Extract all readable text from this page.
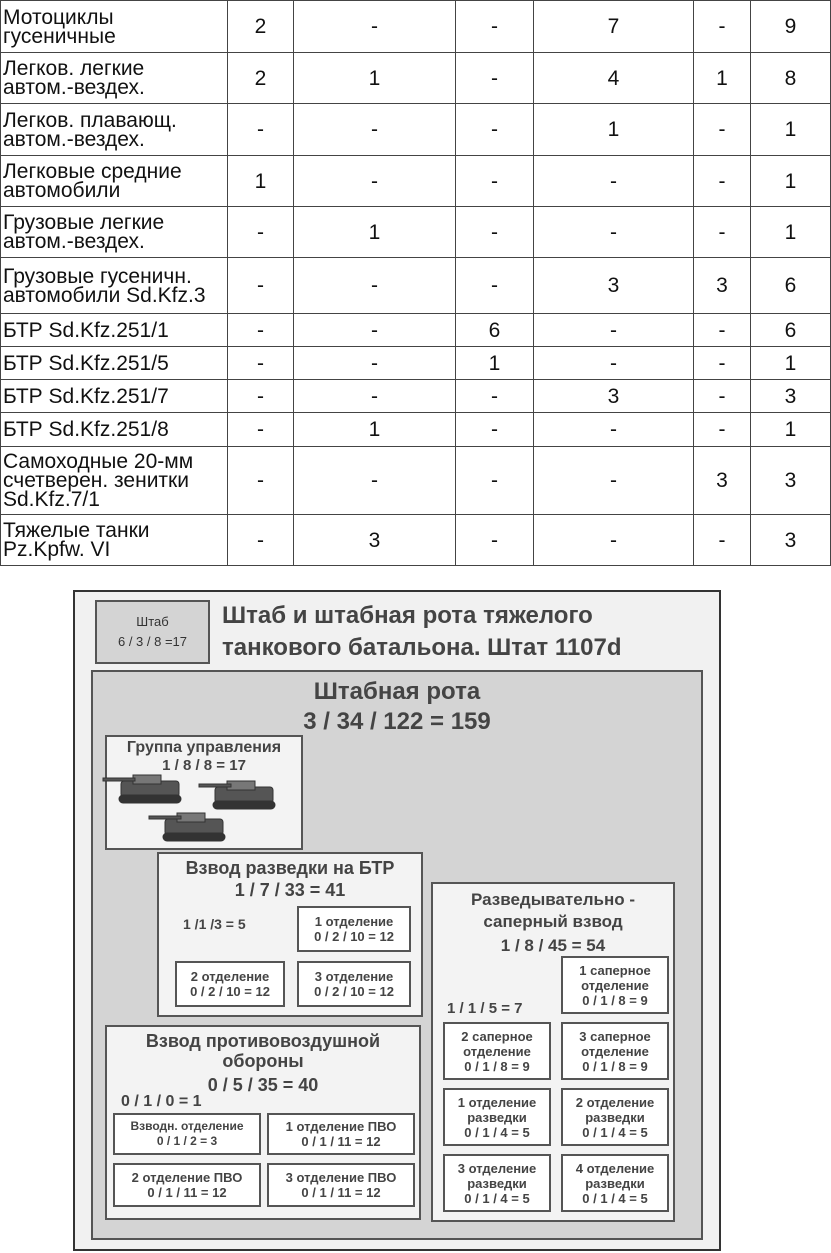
Мотоциклы
гусеничные	2	-	-	7	-	9

Легков. легкие
автом.-вездех.	2	1	-	4	1	8

Легков. плавающ.
автом.-вездех.	-	-	-	1	-	1

Легковые средние
автомобили	1	-	-	-	-	1

Грузовые легкие
автом.-вездех.	-	1	-	-	-	1

Грузовые гусеничн.
автомобили Sd.Kfz.3	-	-	-	3	3	6

БТР Sd.Kfz.251/1	-	-	6	-	-	6

БТР Sd.Kfz.251/5	-	-	1	-	-	1

БТР Sd.Kfz.251/7	-	-	-	3	-	3

БТР Sd.Kfz.251/8	-	1	-	-	-	1

Самоходные 20-мм
счетверен. зенитки
Sd.Kfz.7/1	-	-	-	-	3	3

Тяжелые танки
Pz.Kpfw. VI	-	3	-	-	-	3
Штаб
6 / 3 / 8 =17
Штаб и штабная рота тяжелого
танкового батальона. Штат 1107d
Штабная рота
3 / 34 / 122 = 159
Группа управления
1 / 8 / 8 = 17
Взвод разведки на БТР
1 / 7 / 33 = 41
1 /1 /3 = 5	1 отделение
0 / 2 / 10 = 12
2 отделение
0 / 2 / 10 = 12
3 отделение
0 / 2 / 10 = 12
Взвод противовоздушной
обороны
0 / 5 / 35 = 40
0 / 1 / 0 = 1
Взводн. отделение
0 / 1 / 2 = 3
1 отделение ПВО
0 / 1 / 11 = 12
2 отделение ПВО
0 / 1 / 11 = 12
3 отделение ПВО
0 / 1 / 11 = 12
Разведывательно -
саперный взвод
1 / 8 / 45 = 54
1 / 1 / 5 = 7
1 саперное
отделение
0 / 1 / 8 = 9
2 саперное
отделение
0 / 1 / 8 = 9
3 саперное
отделение
0 / 1 / 8 = 9
1 отделение
разведки
0 / 1 / 4 = 5
2 отделение
разведки
0 / 1 / 4 = 5
3 отделение
разведки
0 / 1 / 4 = 5
4 отделение
разведки
0 / 1 / 4 = 5
